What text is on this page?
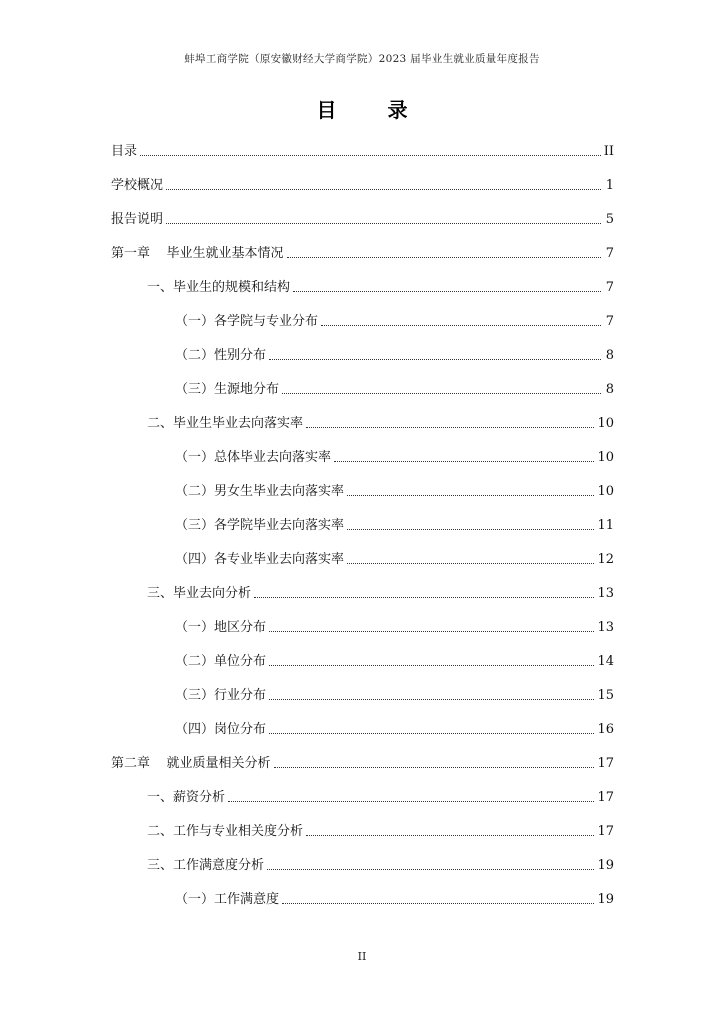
蚌埠工商学院（原安徽财经大学商学院）2023 届毕业生就业质量年度报告
目 录
目录	II
学校概况	1
报告说明	5
第一章    毕业生就业基本情况	7
一、毕业生的规模和结构	7
（一）各学院与专业分布	7
（二）性别分布	8
（三）生源地分布	8
二、毕业生毕业去向落实率	10
（一）总体毕业去向落实率	10
（二）男女生毕业去向落实率	10
（三）各学院毕业去向落实率	11
（四）各专业毕业去向落实率	12
三、毕业去向分析	13
（一）地区分布	13
（二）单位分布	14
（三）行业分布	15
（四）岗位分布	16
第二章    就业质量相关分析	17
一、薪资分析	17
二、工作与专业相关度分析	17
三、工作满意度分析	19
（一）工作满意度	19
II
